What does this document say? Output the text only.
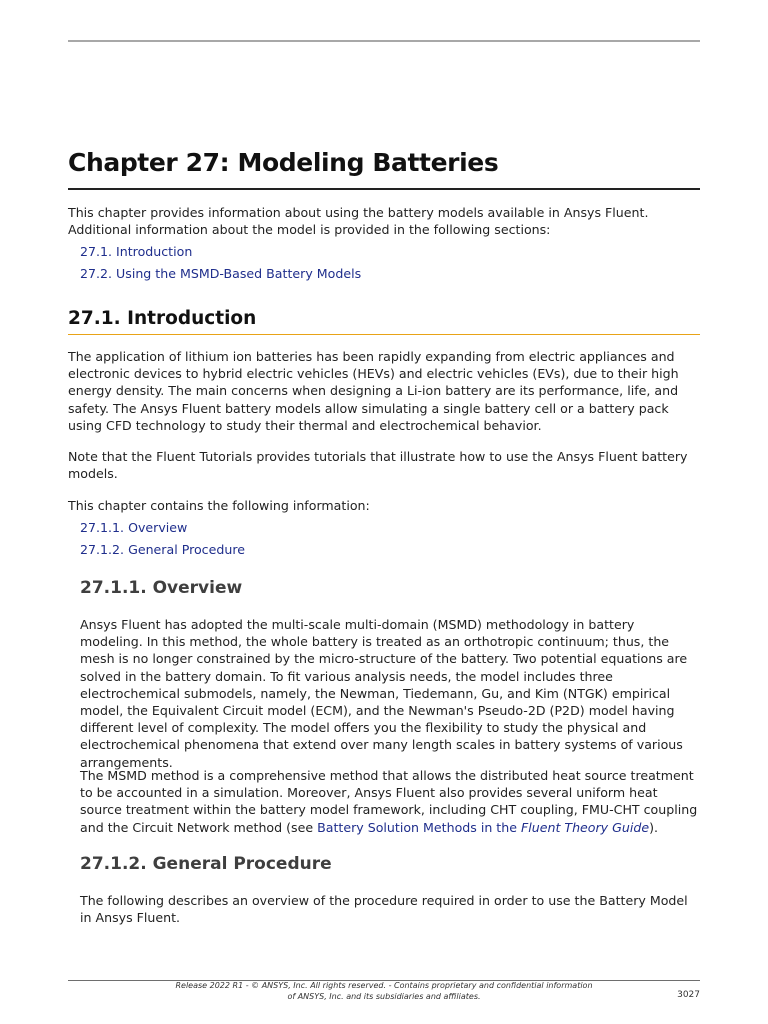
Chapter 27: Modeling Batteries

This chapter provides information about using the battery models available in Ansys Fluent. Additional information about the model is provided in the following sections:

27.1. Introduction
27.2. Using the MSMD-Based Battery Models
27.1. Introduction

The application of lithium ion batteries has been rapidly expanding from electric appliances and electronic devices to hybrid electric vehicles (HEVs) and electric vehicles (EVs), due to their high energy density. The main concerns when designing a Li-ion battery are its performance, life, and safety. The Ansys Fluent battery models allow simulating a single battery cell or a battery pack using CFD technology to study their thermal and electrochemical behavior.

Note that the Fluent Tutorials provides tutorials that illustrate how to use the Ansys Fluent battery models.

This chapter contains the following information:

27.1.1. Overview
27.1.2. General Procedure
27.1.1. Overview

Ansys Fluent has adopted the multi-scale multi-domain (MSMD) methodology in battery modeling. In this method, the whole battery is treated as an orthotropic continuum; thus, the mesh is no longer constrained by the micro-structure of the battery. Two potential equations are solved in the battery domain. To fit various analysis needs, the model includes three electrochemical submodels, namely, the Newman, Tiedemann, Gu, and Kim (NTGK) empirical model, the Equivalent Circuit model (ECM), and the Newman's Pseudo-2D (P2D) model having different level of complexity. The model offers you the flexibility to study the physical and electrochemical phenomena that extend over many length scales in battery systems of various arrangements.

The MSMD method is a comprehensive method that allows the distributed heat source treatment to be accounted in a simulation. Moreover, Ansys Fluent also provides several uniform heat source treatment within the battery model framework, including CHT coupling, FMU-CHT coupling and the Circuit Network method (see Battery Solution Methods in the Fluent Theory Guide).

27.1.2. General Procedure

The following describes an overview of the procedure required in order to use the Battery Model in Ansys Fluent.

Release 2022 R1 - © ANSYS, Inc. All rights reserved. - Contains proprietary and confidential information
of ANSYS, Inc. and its subsidiaries and affiliates.	3027
